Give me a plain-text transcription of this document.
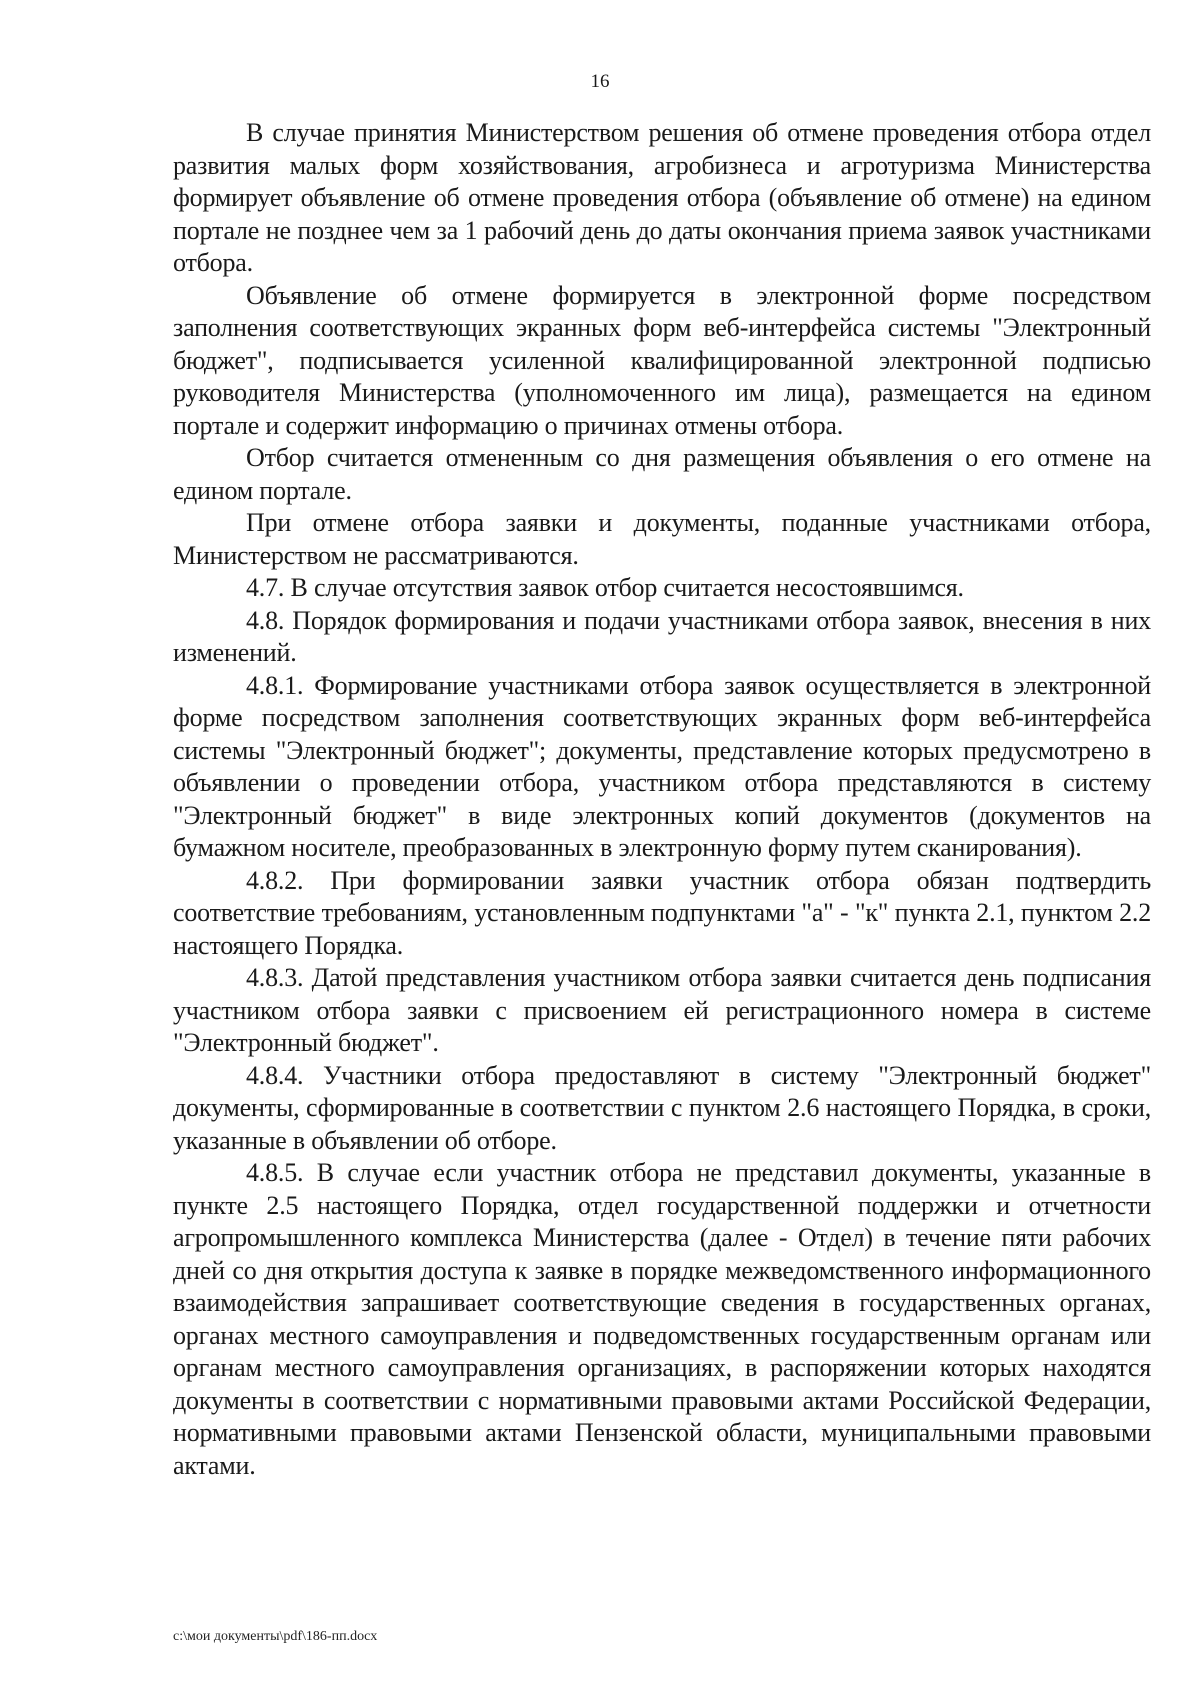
16

В случае принятия Министерством решения об отмене проведения отбора отдел развития малых форм хозяйствования, агробизнеса и агротуризма Министерства формирует объявление об отмене проведения отбора (объявление об отмене) на едином портале не позднее чем за 1 рабочий день до даты окончания приема заявок участниками отбора.

Объявление об отмене формируется в электронной форме посредством заполнения соответствующих экранных форм веб-интерфейса системы "Электронный бюджет", подписывается усиленной квалифицированной электронной подписью руководителя Министерства (уполномоченного им лица), размещается на едином портале и содержит информацию о причинах отмены отбора.

Отбор считается отмененным со дня размещения объявления о его отмене на едином портале.

При отмене отбора заявки и документы, поданные участниками отбора, Министерством не рассматриваются.

4.7. В случае отсутствия заявок отбор считается несостоявшимся.

4.8. Порядок формирования и подачи участниками отбора заявок, внесения в них изменений.

4.8.1. Формирование участниками отбора заявок осуществляется в электронной форме посредством заполнения соответствующих экранных форм веб-интерфейса системы "Электронный бюджет"; документы, представление которых предусмотрено в объявлении о проведении отбора, участником отбора представляются в систему "Электронный бюджет" в виде электронных копий документов (документов на бумажном носителе, преобразованных в электронную форму путем сканирования).

4.8.2. При формировании заявки участник отбора обязан подтвердить соответствие требованиям, установленным подпунктами "а" - "к" пункта 2.1, пунктом 2.2 настоящего Порядка.

4.8.3. Датой представления участником отбора заявки считается день подписания участником отбора заявки с присвоением ей регистрационного номера в системе "Электронный бюджет".

4.8.4. Участники отбора предоставляют в систему "Электронный бюджет" документы, сформированные в соответствии с пунктом 2.6 настоящего Порядка, в сроки, указанные в объявлении об отборе.

4.8.5. В случае если участник отбора не представил документы, указанные в пункте 2.5 настоящего Порядка, отдел государственной поддержки и отчетности агропромышленного комплекса Министерства (далее - Отдел) в течение пяти рабочих дней со дня открытия доступа к заявке в порядке межведомственного информационного взаимодействия запрашивает соответствующие сведения в государственных органах, органах местного самоуправления и подведомственных государственным органам или органам местного самоуправления организациях, в распоряжении которых находятся документы в соответствии с нормативными правовыми актами Российской Федерации, нормативными правовыми актами Пензенской области, муниципальными правовыми актами.

c:\мои документы\pdf\186-пп.docx
